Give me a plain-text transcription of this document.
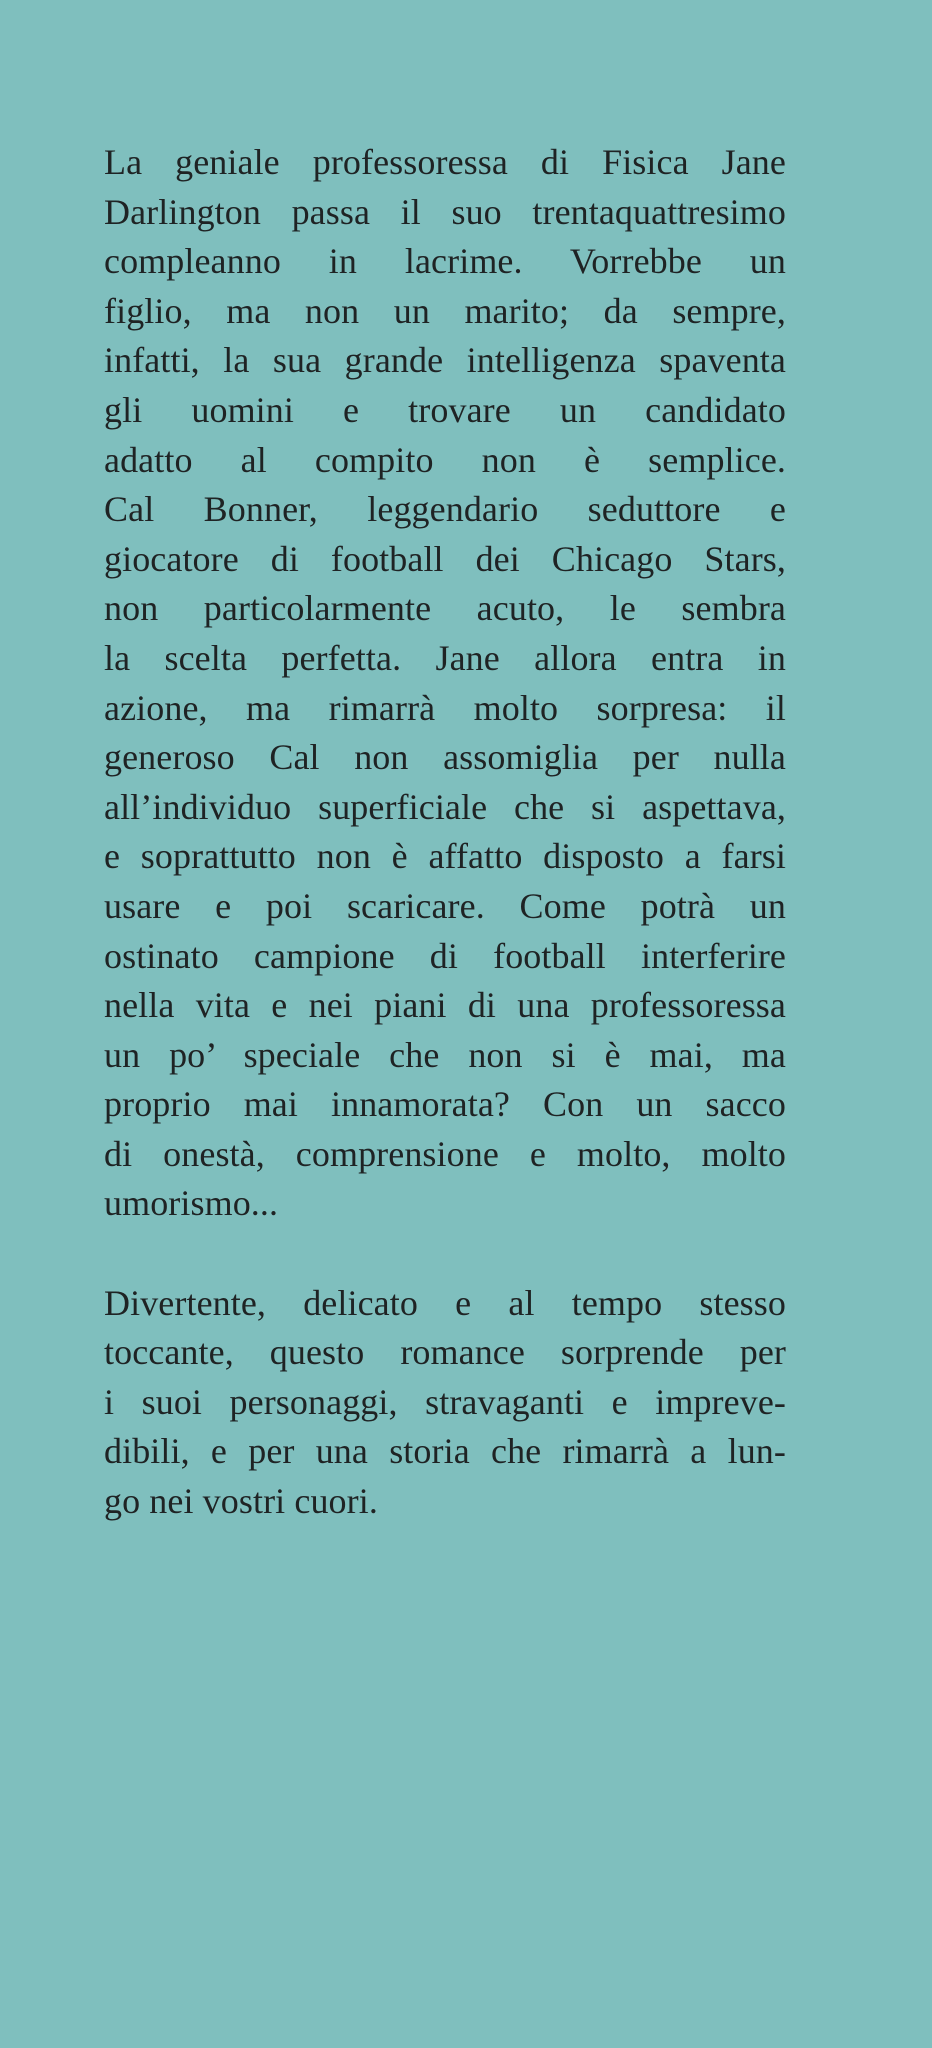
La geniale professoressa di Fisica Jane
Darlington passa il suo trentaquattresimo
compleanno in lacrime. Vorrebbe un
figlio, ma non un marito; da sempre,
infatti, la sua grande intelligenza spaventa
gli uomini e trovare un candidato
adatto al compito non è semplice.
Cal Bonner, leggendario seduttore e
giocatore di football dei Chicago Stars,
non particolarmente acuto, le sembra
la scelta perfetta. Jane allora entra in
azione, ma rimarrà molto sorpresa: il
generoso Cal non assomiglia per nulla
all’individuo superficiale che si aspettava,
e soprattutto non è affatto disposto a farsi
usare e poi scaricare. Come potrà un
ostinato campione di football interferire
nella vita e nei piani di una professoressa
un po’ speciale che non si è mai, ma
proprio mai innamorata? Con un sacco
di onestà, comprensione e molto, molto
umorismo...
Divertente, delicato e al tempo stesso
toccante, questo romance sorprende per
i suoi personaggi, stravaganti e impreve-
dibili, e per una storia che rimarrà a lun-
go nei vostri cuori.
